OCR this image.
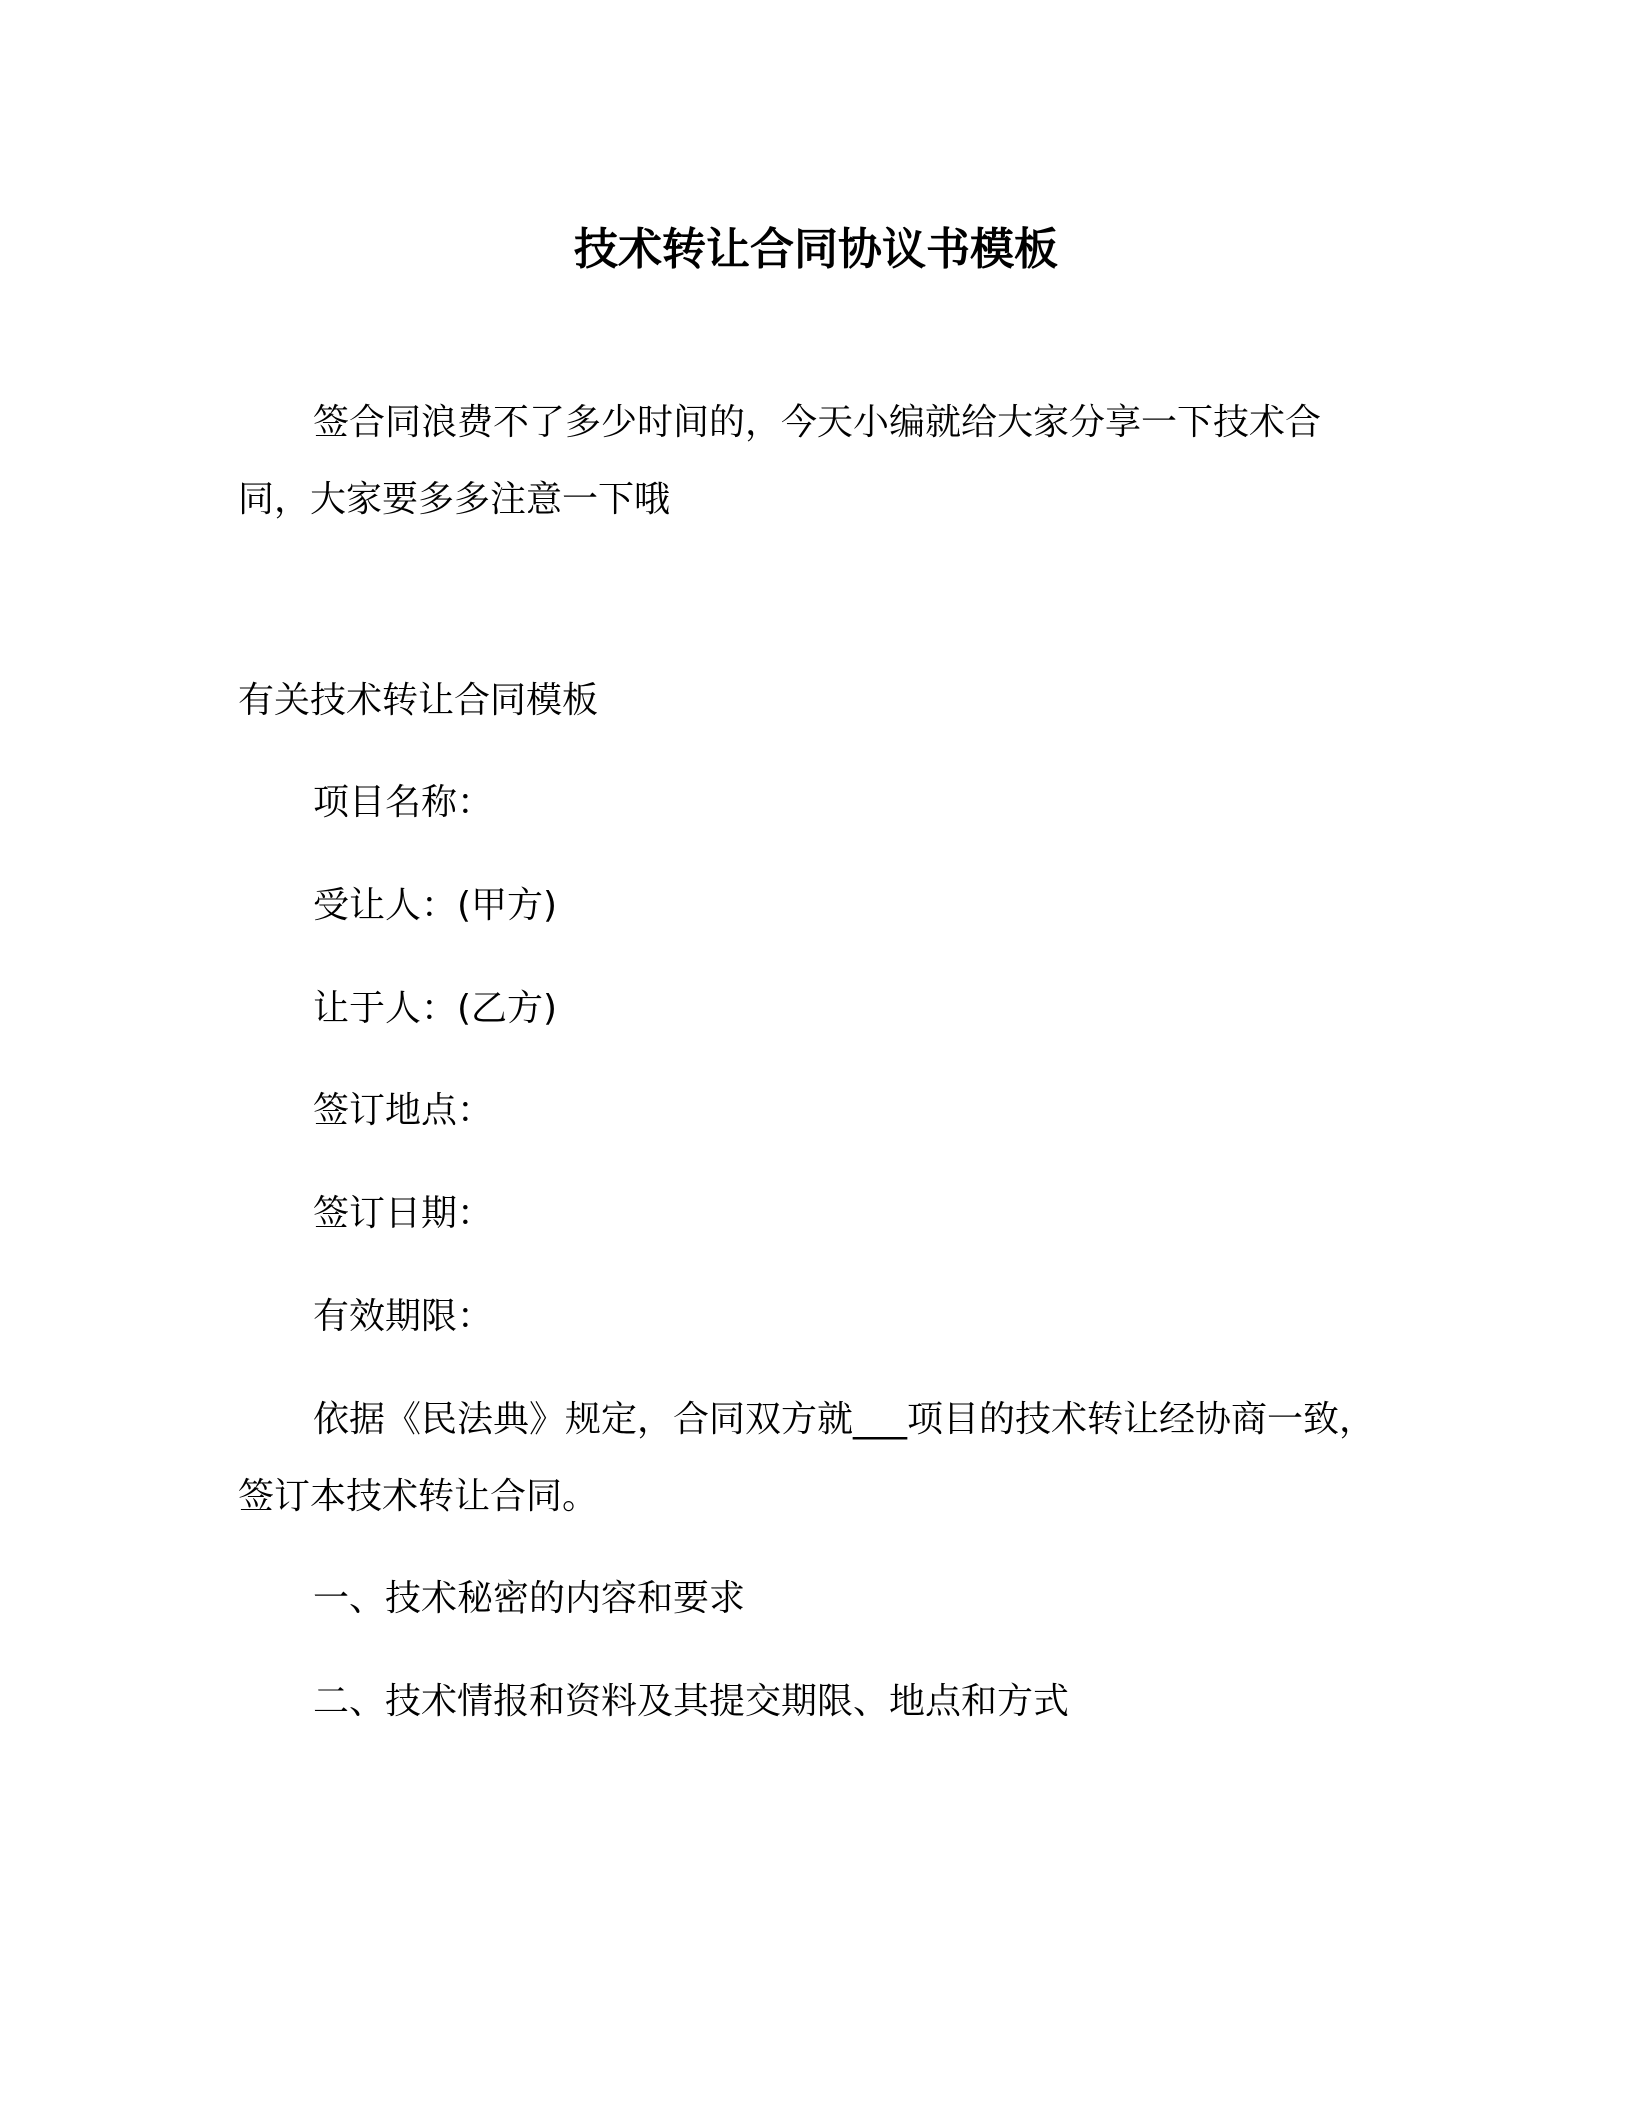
技术转让合同协议书模板
签合同浪费不了多少时间的，今天小编就给大家分享一下技术合
同，大家要多多注意一下哦
有关技术转让合同模板
项目名称：
受让人：(甲方)
让于人：(乙方)
签订地点：
签订日期：
有效期限：
依据《民法典》规定，合同双方就___项目的技术转让经协商一致，
签订本技术转让合同。
一、技术秘密的内容和要求
二、技术情报和资料及其提交期限、地点和方式
